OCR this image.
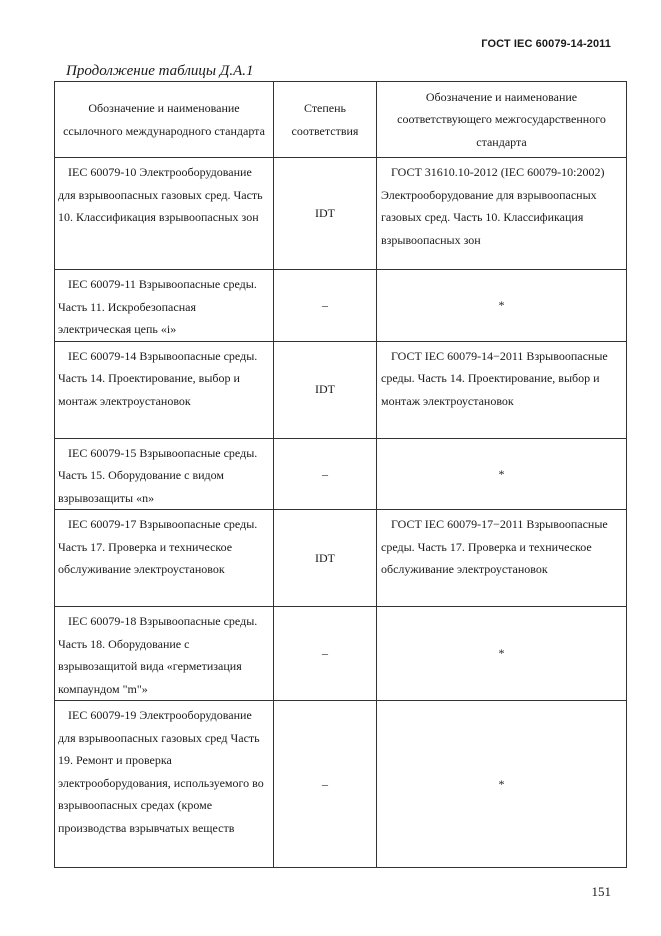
ГОСТ IEC 60079-14-2011
Продолжение таблицы Д.А.1
Обозначение и наименование ссылочного международного стандарта	Степень соответствия	Обозначение и наименование соответствующего межгосударственного стандарта
IEC 60079-10 Электрооборудование для взрывоопасных газовых сред. Часть 10. Классификация взрывоопасных зон	IDT	ГОСТ 31610.10-2012 (IEC 60079-10:2002) Электрооборудование для взрывоопасных газовых сред. Часть 10. Классификация взрывоопасных зон
IEC 60079-11 Взрывоопасные среды. Часть 11. Искробезопасная электрическая цепь «i»	–	*
IEC 60079-14 Взрывоопасные среды. Часть 14. Проектирование, выбор и монтаж электроустановок	IDT	ГОСТ IEC 60079-14−2011 Взрывоопасные среды. Часть 14. Проектирование, выбор и монтаж электроустановок
IEC 60079-15 Взрывоопасные среды. Часть 15. Оборудование с видом взрывозащиты «n»	–	*
IEC 60079-17 Взрывоопасные среды. Часть 17. Проверка и техническое обслуживание электроустановок	IDT	ГОСТ IEC 60079-17−2011 Взрывоопасные среды. Часть 17. Проверка и техническое обслуживание электроустановок
IEC 60079-18 Взрывоопасные среды. Часть 18. Оборудование с взрывозащитой вида «герметизация компаундом "m"»	–	*
IEC 60079-19 Электрооборудование для взрывоопасных газовых сред Часть 19. Ремонт и проверка электрооборудования, используемого во взрывоопасных средах (кроме производства взрывчатых веществ	–	*
151
